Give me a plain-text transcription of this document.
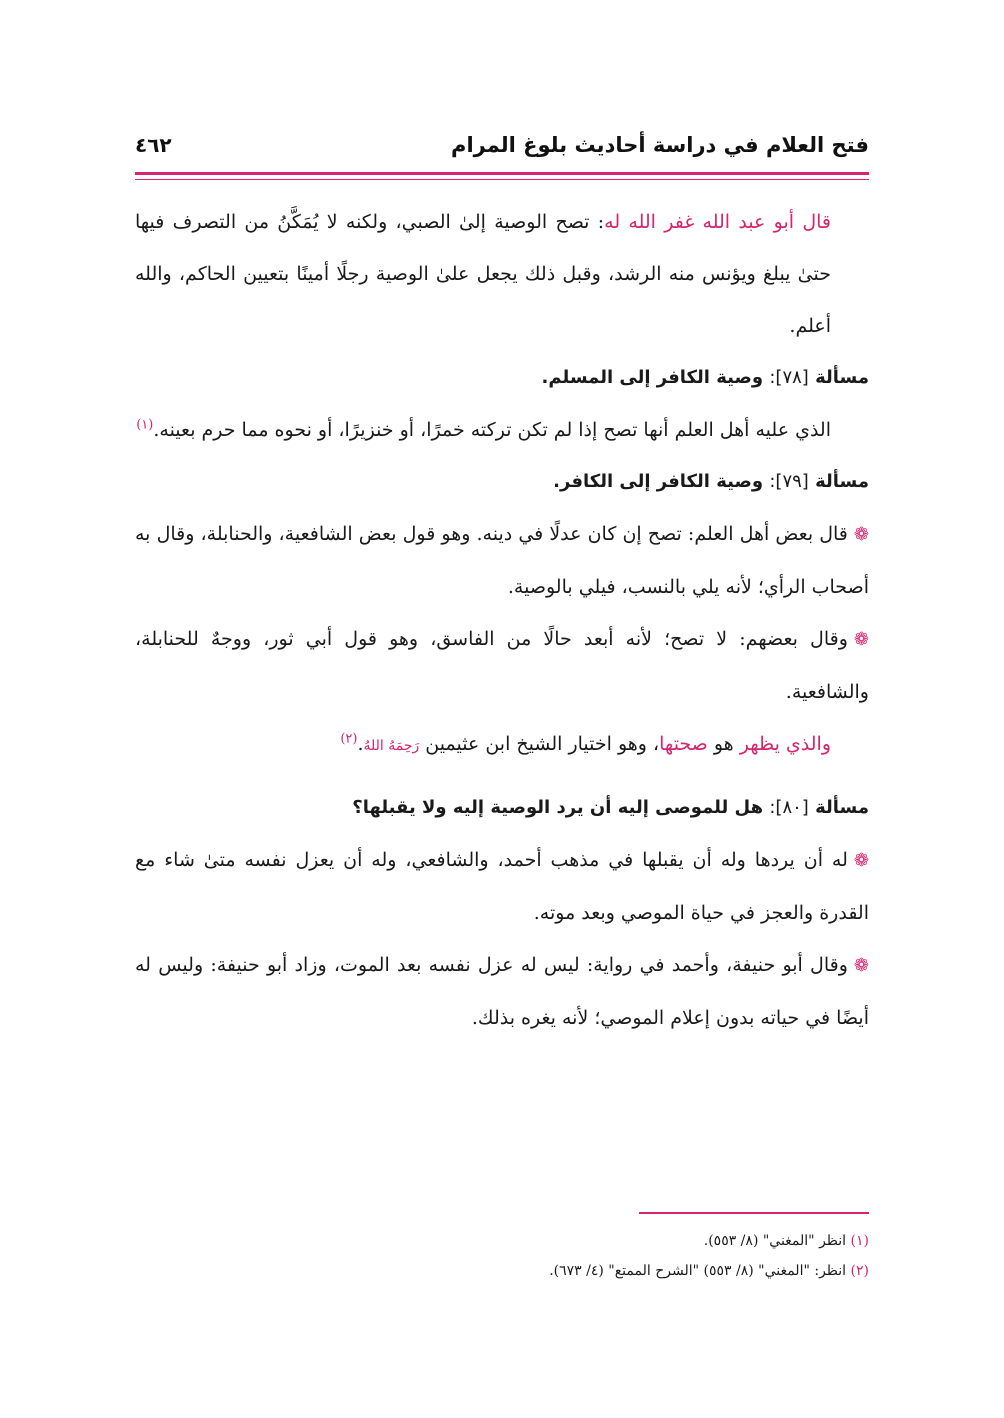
فتح العلام في دراسة أحاديث بلوغ المرام
٤٦٢

قال أبو عبد الله غفر الله له: تصح الوصية إلىٰ الصبي، ولكنه لا يُمَكَّنُ من التصرف فيها حتىٰ يبلغ ويؤنس منه الرشد، وقبل ذلك يجعل علىٰ الوصية رجلًا أمينًا بتعيين الحاكم، والله أعلم.

مسألة [٧٨]: وصية الكافر إلى المسلم.

الذي عليه أهل العلم أنها تصح إذا لم تكن تركته خمرًا، أو خنزيرًا، أو نحوه مما حرم بعينه.$^{(١)}$

مسألة [٧٩]: وصية الكافر إلى الكافر.

❁قال بعض أهل العلم: تصح إن كان عدلًا في دينه. وهو قول بعض الشافعية، والحنابلة، وقال به أصحاب الرأي؛ لأنه يلي بالنسب، فيلي بالوصية.

❁وقال بعضهم: لا تصح؛ لأنه أبعد حالًا من الفاسق، وهو قول أبي ثور، ووجهٌ للحنابلة، والشافعية.

والذي يظهر هو صحتها، وهو اختيار الشيخ ابن عثيمين رَحِمَهُ اللهُ.$^{(٢)}$

مسألة [٨٠]: هل للموصى إليه أن يرد الوصية إليه ولا يقبلها؟

❁له أن يردها وله أن يقبلها في مذهب أحمد، والشافعي، وله أن يعزل نفسه متىٰ شاء مع القدرة والعجز في حياة الموصي وبعد موته.

❁وقال أبو حنيفة، وأحمد في رواية: ليس له عزل نفسه بعد الموت، وزاد أبو حنيفة: وليس له أيضًا في حياته بدون إعلام الموصي؛ لأنه يغره بذلك.

(١) انظر "المغني" (٨/ ٥٥٣).

(٢) انظر: "المغني" (٨/ ٥٥٣) "الشرح الممتع" (٤/ ٦٧٣).
